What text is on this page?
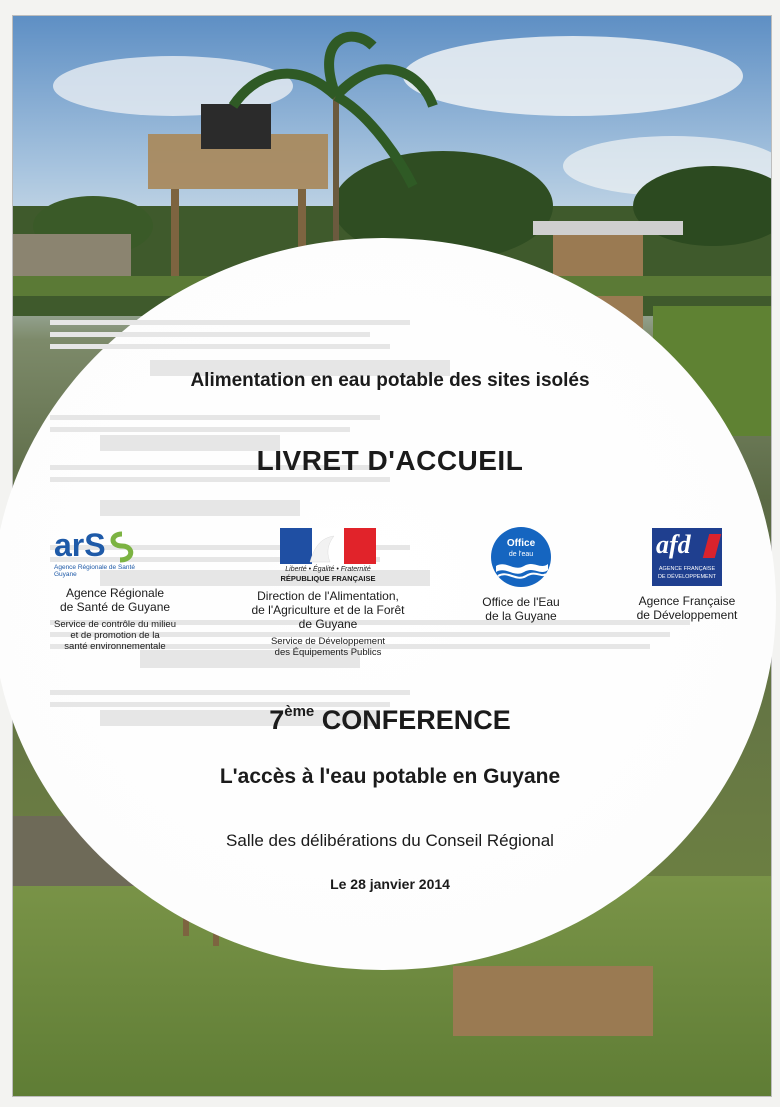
Alimentation en eau potable des sites isolés
LIVRET D'ACCUEIL
arS
Agence Régionale de Santé
Guyane
Agence Régionale
de Santé de Guyane
Service de contrôle du milieu
et de promotion de la
santé environnementale
Liberté • Égalité • Fraternité
RÉPUBLIQUE FRANÇAISE
Direction de l'Alimentation,
de l'Agriculture et de la Forêt
de Guyane
Service de Développement
des Équipements Publics
Office
de l'eau
Office de l'Eau
de la Guyane
afd
AGENCE FRANÇAISE
DE DÉVELOPPEMENT
Agence Française
de Développement
7ème CONFERENCE
L'accès à l'eau potable en Guyane
Salle des délibérations du Conseil Régional
Le 28 janvier 2014
